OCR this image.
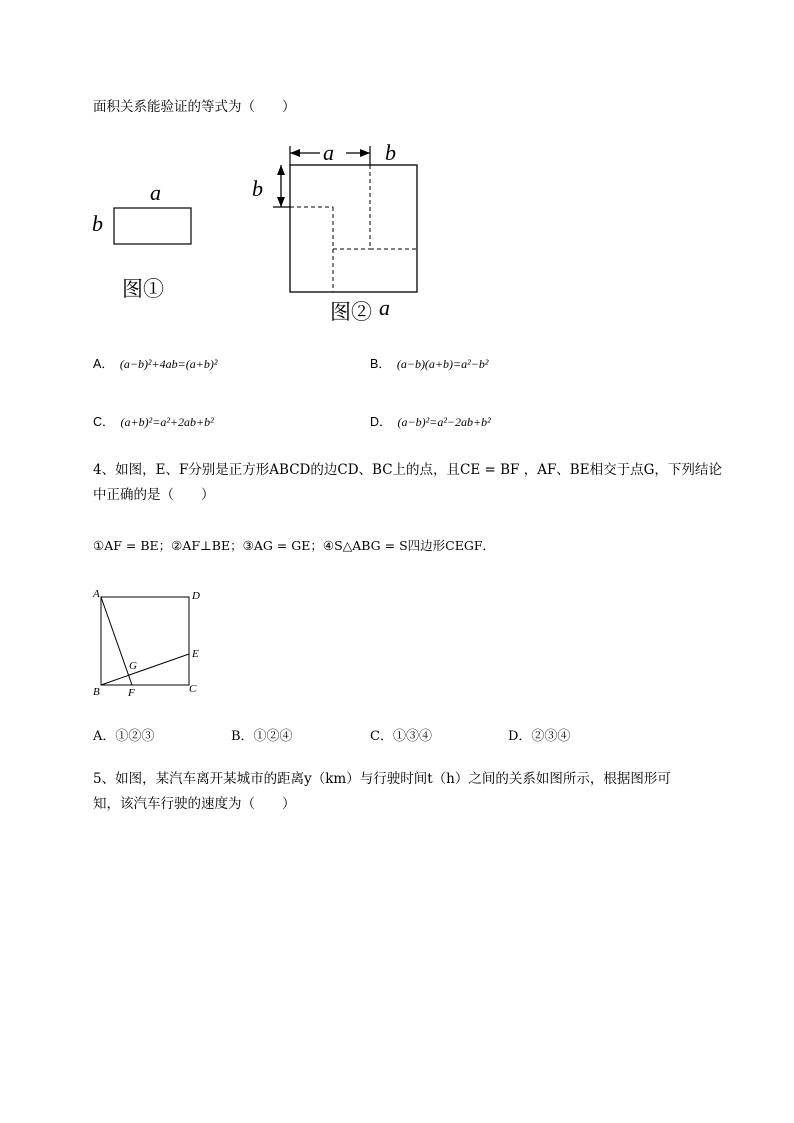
面积关系能验证的等式为（　　）
a
b
图①
a b
b
图② a
A． (a−b)²+4ab=(a+b)²	B． (a−b)(a+b)=a²−b²
C． (a+b)²=a²+2ab+b²	D． (a−b)²=a²−2ab+b²
4、如图，E、F分别是正方形ABCD的边CD、BC上的点，且CE = BF ，AF、BE相交于点G，下列结论
中正确的是（　　）
①AF = BE；②AF⊥BE；③AG = GE；④S△ABG = S四边形CEGF．
A	D
E
G
B	F	C
A．①②③	B．①②④	C．①③④	D．②③④
5、如图，某汽车离开某城市的距离y（km）与行驶时间t（h）之间的关系如图所示，根据图形可
知，该汽车行驶的速度为（　　）
